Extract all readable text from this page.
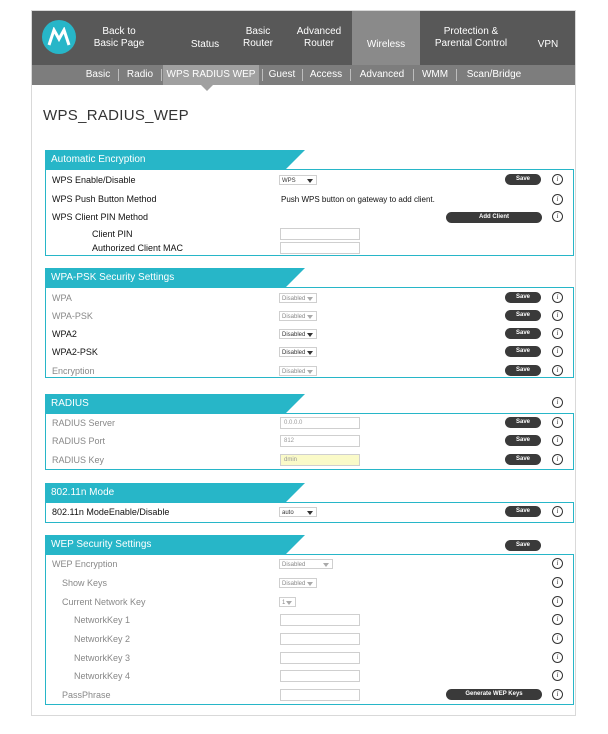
Back to
Basic Page	Status
Basic
Router
Advanced
Router	Wireless
Protection &
Parental Control	VPN
Basic	Radio	WPS RADIUS WEP	Guest	Access	Advanced	WMM	Scan/Bridge
WPS_RADIUS_WEP
Automatic Encryption
WPS Enable/Disable	WPS	Save	i
WPS Push Button Method	Push WPS button on gateway to add client.	i
WPS Client PIN Method	Add Client	i
Client PIN
Authorized Client MAC
WPA-PSK Security Settings
WPA	Disabled	Save	i
WPA-PSK	Disabled	Save	i
WPA2	Disabled	Save	i
WPA2-PSK	Disabled	Save	i
Encryption	Disabled	Save	i
RADIUS	i
RADIUS Server	0.0.0.0	Save	i
RADIUS Port	812	Save	i
RADIUS Key	dmin	Save	i
802.11n Mode
802.11n ModeEnable/Disable	auto	Save	i
WEP Security Settings	Save
WEP Encryption	Disabled	i
Show Keys	Disabled	i
Current Network Key	1	i
NetworkKey 1	i
NetworkKey 2	i
NetworkKey 3	i
NetworkKey 4	i
PassPhrase	Generate WEP Keys	i
